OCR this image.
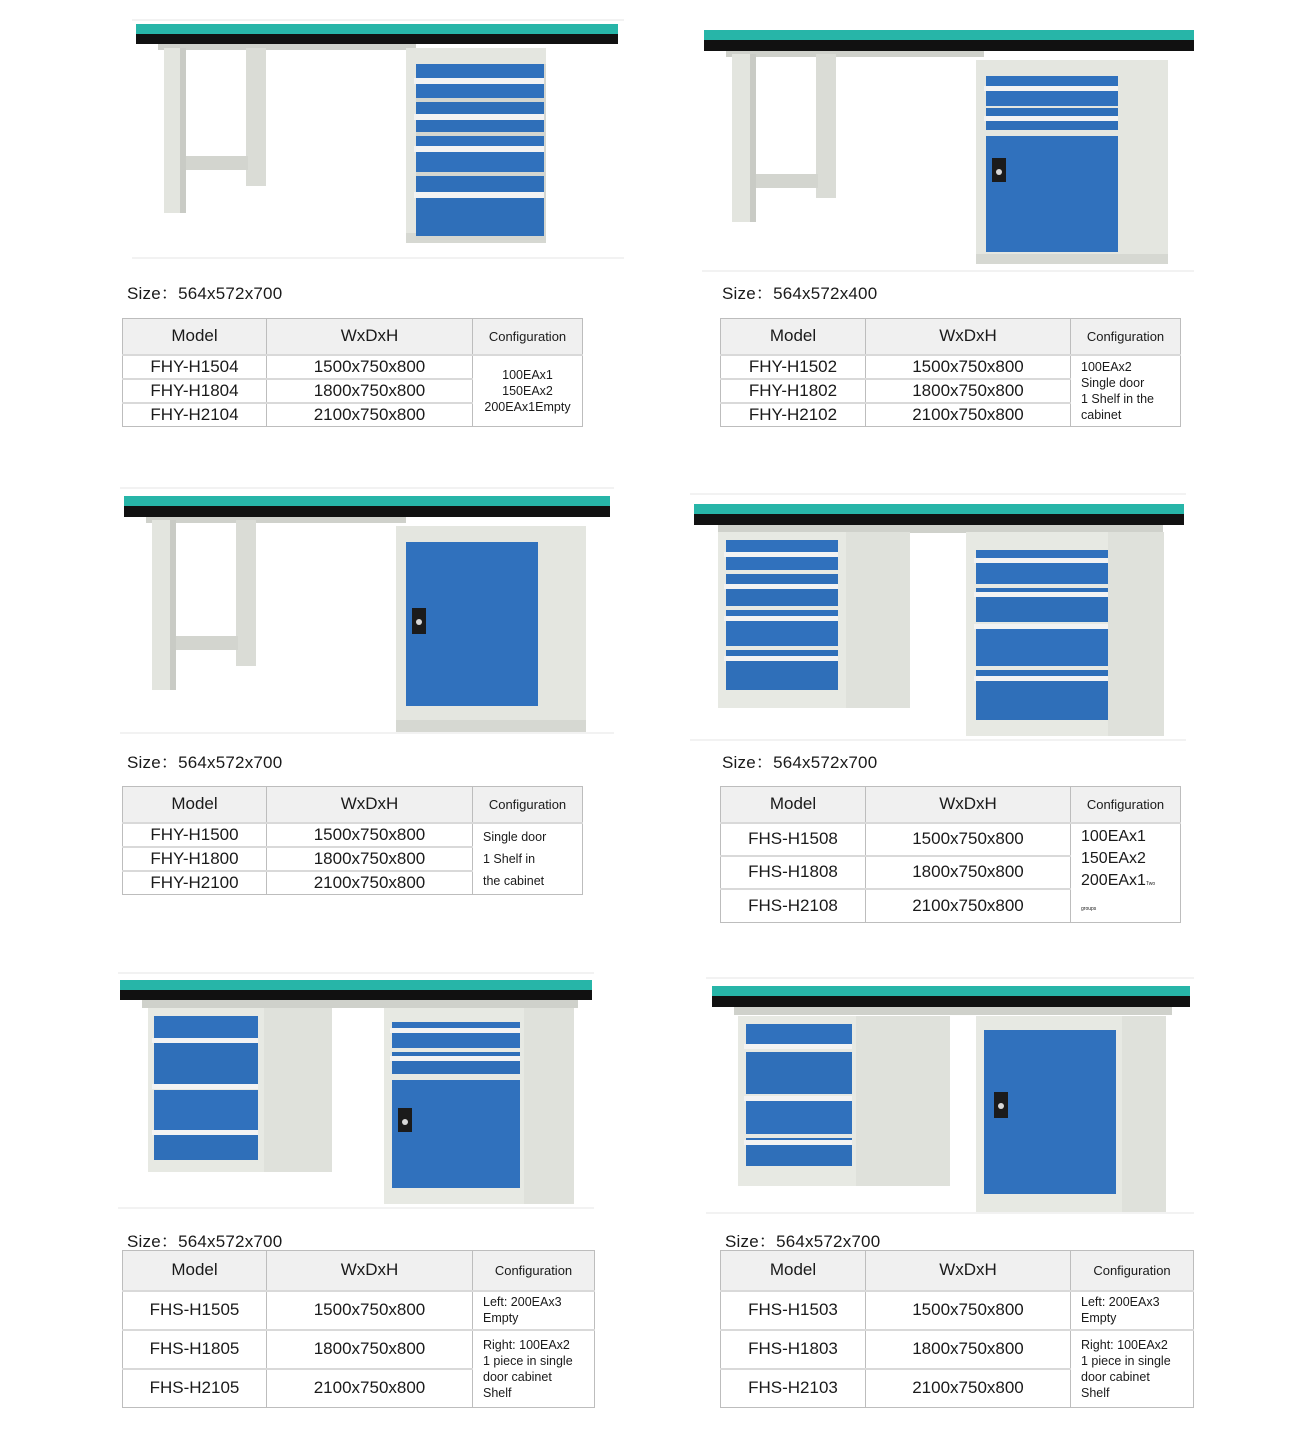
Size：564x572x700
Model	WxDxH	Configuration
FHY-H1504	1500x750x800	100EAx1
150EAx2
200EAx1Empty

FHY-H1804	1800x750x800	
FHY-H2104	2100x750x800	
Size：564x572x400
Model	WxDxH	Configuration
FHY-H1502	1500x750x800	100EAx2
Single door
1 Shelf in the
cabinet

FHY-H1802	1800x750x800	
FHY-H2102	2100x750x800	
Size：564x572x700
Model	WxDxH	Configuration
FHY-H1500	1500x750x800	Single door
1 Shelf in
the cabinet

FHY-H1800	1800x750x800	
FHY-H2100	2100x750x800	
Size：564x572x700
Model	WxDxH	Configuration
FHS-H1508	1500x750x800	100EAx1
150EAx2
200EAx1Two groups

FHS-H1808	1800x750x800	
FHS-H2108	2100x750x800	
Size：564x572x700
Model	WxDxH	Configuration
FHS-H1505	1500x750x800	Left: 200EAx3
Empty

FHS-H1805	1800x750x800	Right: 100EAx2
1 piece in single
door cabinet
Shelf

FHS-H2105	2100x750x800	
Size：564x572x700
Model	WxDxH	Configuration
FHS-H1503	1500x750x800	Left: 200EAx3
Empty

FHS-H1803	1800x750x800	Right: 100EAx2
1 piece in single
door cabinet
Shelf

FHS-H2103	2100x750x800	
